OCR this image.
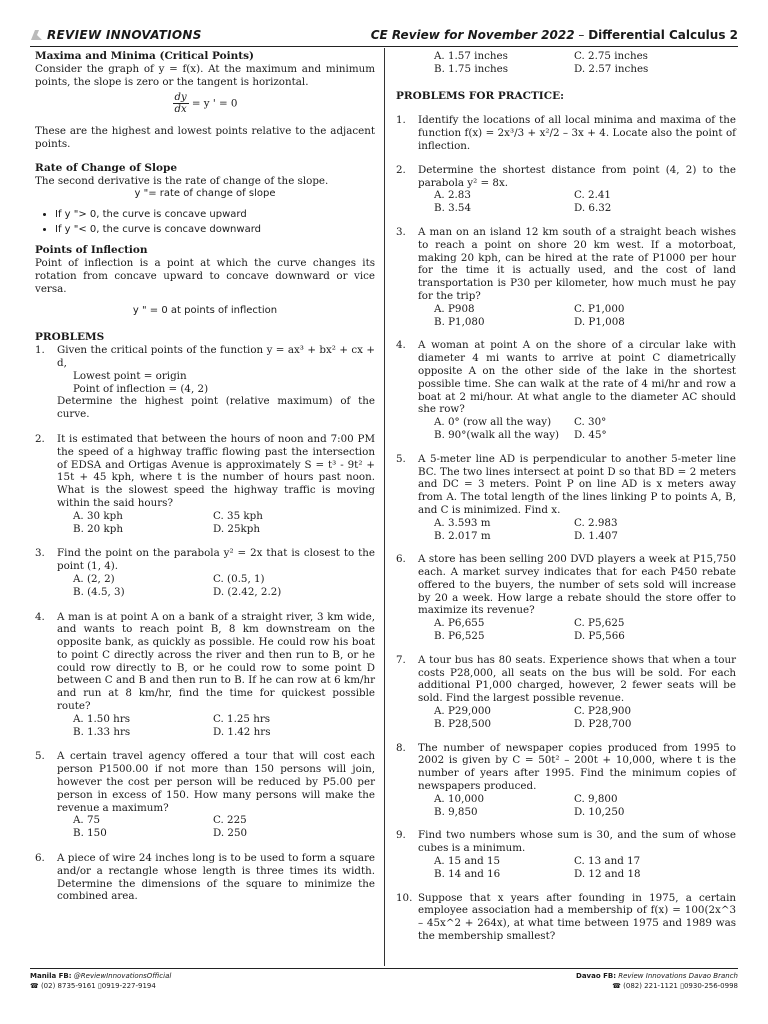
REVIEW INNOVATIONS	CE Review for November 2022 – Differential Calculus 2
Maxima and Minima (Critical Points)

Consider the graph of y = f(x). At the maximum and minimum points, the slope is zero or the tangent is horizontal.

$\frac{dy}{dx} = y$ ' = 0

These are the highest and lowest points relative to the adjacent points.

Rate of Change of Slope

The second derivative is the rate of change of the slope.

y "= rate of change of slope
• If y "> 0, the curve is concave upward
• If y "< 0, the curve is concave downward
Points of Inflection

Point of inflection is a point at which the curve changes its rotation from concave upward to concave downward or vice versa.

y " = 0 at points of inflection
PROBLEMS
1.	Given the critical points of the function y = ax³ + bx² + cx + d,
Lowest point = origin
Point of inflection = (4, 2)
Determine the highest point (relative maximum) of the curve.
2.	It is estimated that between the hours of noon and 7:00 PM the speed of a highway traffic flowing past the intersection of EDSA and Ortigas Avenue is approximately S = t³ - 9t² + 15t + 45 kph, where t is the number of hours past noon. What is the slowest speed the highway traffic is moving within the said hours?
A. 30 kph	C. 35 kph
B. 20 kph	D. 25kph
3.	Find the point on the parabola y² = 2x that is closest to the point (1, 4).
A. (2, 2)	C. (0.5, 1)
B. (4.5, 3)	D. (2.42, 2.2)
4.	A man is at point A on a bank of a straight river, 3 km wide, and wants to reach point B, 8 km downstream on the opposite bank, as quickly as possible. He could row his boat to point C directly across the river and then run to B, or he could row directly to B, or he could row to some point D between C and B and then run to B. If he can row at 6 km/hr and run at 8 km/hr, find the time for quickest possible route?
A. 1.50 hrs	C. 1.25 hrs
B. 1.33 hrs	D. 1.42 hrs
5.	A certain travel agency offered a tour that will cost each person P1500.00 if not more than 150 persons will join, however the cost per person will be reduced by P5.00 per person in excess of 150. How many persons will make the revenue a maximum?
A. 75	C. 225
B. 150	D. 250
6.	A piece of wire 24 inches long is to be used to form a square and/or a rectangle whose length is three times its width. Determine the dimensions of the square to minimize the combined area.
A. 1.57 inches	C. 2.75 inches
B. 1.75 inches	D. 2.57 inches
PROBLEMS FOR PRACTICE:
1.	Identify the locations of all local minima and maxima of the function f(x) = 2x³/3 + x²/2 – 3x + 4. Locate also the point of inflection.
2.	Determine the shortest distance from point (4, 2) to the parabola y² = 8x.
A. 2.83	C. 2.41
B. 3.54	D. 6.32
3.	A man on an island 12 km south of a straight beach wishes to reach a point on shore 20 km west. If a motorboat, making 20 kph, can be hired at the rate of P1000 per hour for the time it is actually used, and the cost of land transportation is P30 per kilometer, how much must he pay for the trip?
A. P908	C. P1,000
B. P1,080	D. P1,008
4.	A woman at point A on the shore of a circular lake with diameter 4 mi wants to arrive at point C diametrically opposite A on the other side of the lake in the shortest possible time. She can walk at the rate of 4 mi/hr and row a boat at 2 mi/hour. At what angle to the diameter AC should she row?
A. 0° (row all the way)	C. 30°
B. 90°(walk all the way)	D. 45°
5.	A 5-meter line AD is perpendicular to another 5-meter line BC. The two lines intersect at point D so that BD = 2 meters and DC = 3 meters. Point P on line AD is x meters away from A. The total length of the lines linking P to points A, B, and C is minimized. Find x.
A. 3.593 m	C. 2.983
B. 2.017 m	D. 1.407
6.	A store has been selling 200 DVD players a week at P15,750 each. A market survey indicates that for each P450 rebate offered to the buyers, the number of sets sold will increase by 20 a week. How large a rebate should the store offer to maximize its revenue?
A. P6,655	C. P5,625
B. P6,525	D. P5,566
7.	A tour bus has 80 seats. Experience shows that when a tour costs P28,000, all seats on the bus will be sold. For each additional P1,000 charged, however, 2 fewer seats will be sold. Find the largest possible revenue.
A. P29,000	C. P28,900
B. P28,500	D. P28,700
8.	The number of newspaper copies produced from 1995 to 2002 is given by C = 50t² – 200t + 10,000, where t is the number of years after 1995. Find the minimum copies of newspapers produced.
A. 10,000	C. 9,800
B. 9,850	D. 10,250
9.	Find two numbers whose sum is 30, and the sum of whose cubes is a minimum.
A. 15 and 15	C. 13 and 17
B. 14 and 16	D. 12 and 18
10. Suppose that x years after founding in 1975, a certain employee association had a membership of f(x) = 100(2x^3 – 45x^2 + 264x), at what time between 1975 and 1989 was the membership smallest?
Manila FB: @ReviewInnovationsOfficial
☎ (02) 8735-9161 ▯0919-227-9194
Davao FB: Review Innovations Davao Branch
☎ (082) 221-1121 ▯0930-256-0998
